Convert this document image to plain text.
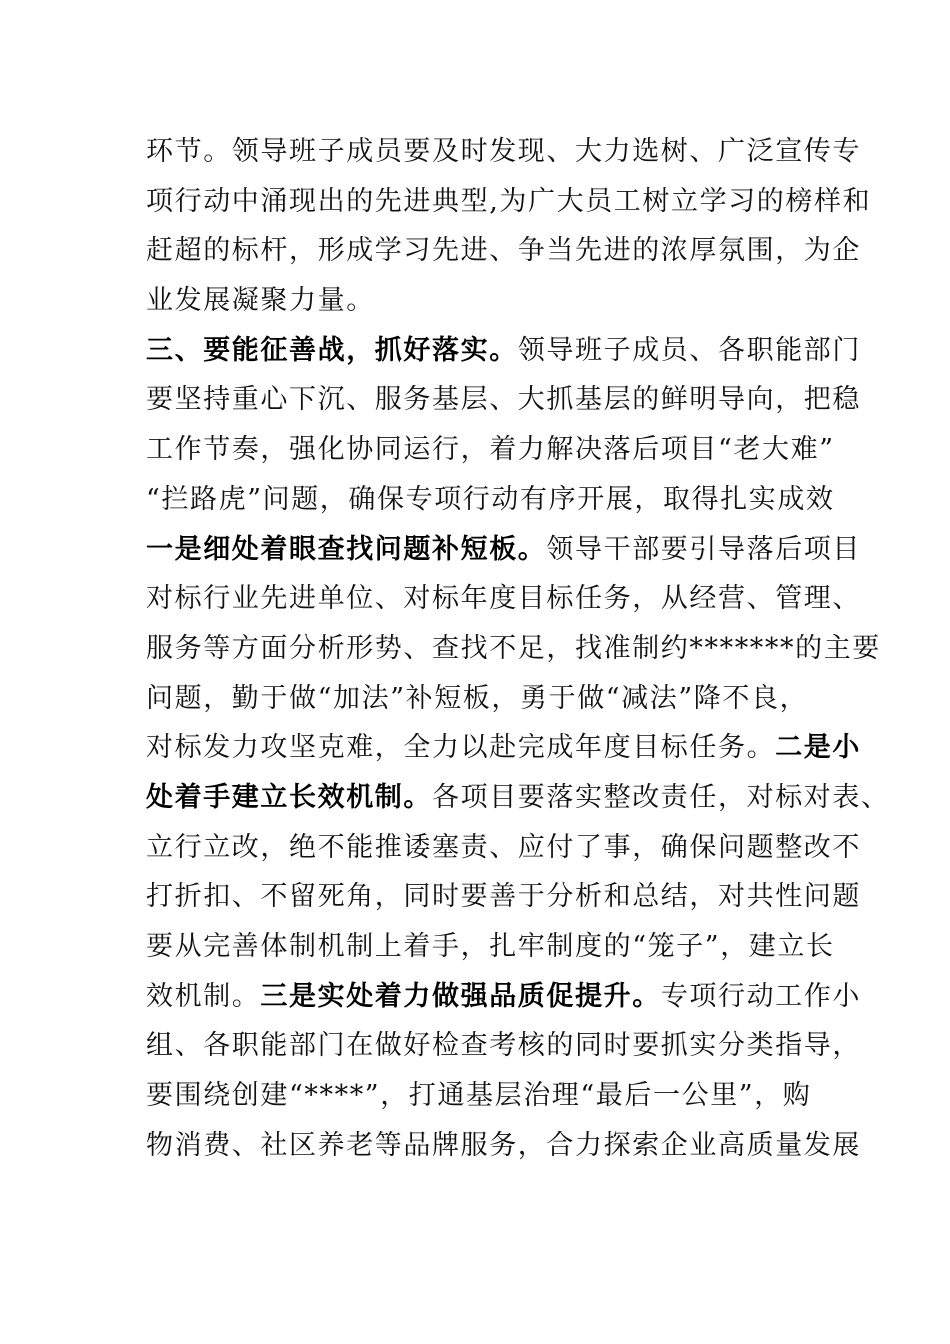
环节。领导班子成员要及时发现、大力选树、广泛宣传专
项行动中涌现出的先进典型,为广大员工树立学习的榜样和
赶超的标杆，形成学习先进、争当先进的浓厚氛围，为企
业发展凝聚力量。
三、要能征善战，抓好落实。领导班子成员、各职能部门
要坚持重心下沉、服务基层、大抓基层的鲜明导向，把稳
工作节奏，强化协同运行，着力解决落后项目“老大难”
“拦路虎”问题，确保专项行动有序开展，取得扎实成效
一是细处着眼查找问题补短板。领导干部要引导落后项目
对标行业先进单位、对标年度目标任务，从经营、管理、
服务等方面分析形势、查找不足，找准制约*******的主要
问题，勤于做“加法”补短板，勇于做“减法”降不良，
对标发力攻坚克难，全力以赴完成年度目标任务。二是小
处着手建立长效机制。各项目要落实整改责任，对标对表、
立行立改，绝不能推诿塞责、应付了事，确保问题整改不
打折扣、不留死角，同时要善于分析和总结，对共性问题
要从完善体制机制上着手，扎牢制度的“笼子”，建立长
效机制。三是实处着力做强品质促提升。专项行动工作小
组、各职能部门在做好检查考核的同时要抓实分类指导，
要围绕创建“****”，打通基层治理“最后一公里”，购
物消费、社区养老等品牌服务，合力探索企业高质量发展
